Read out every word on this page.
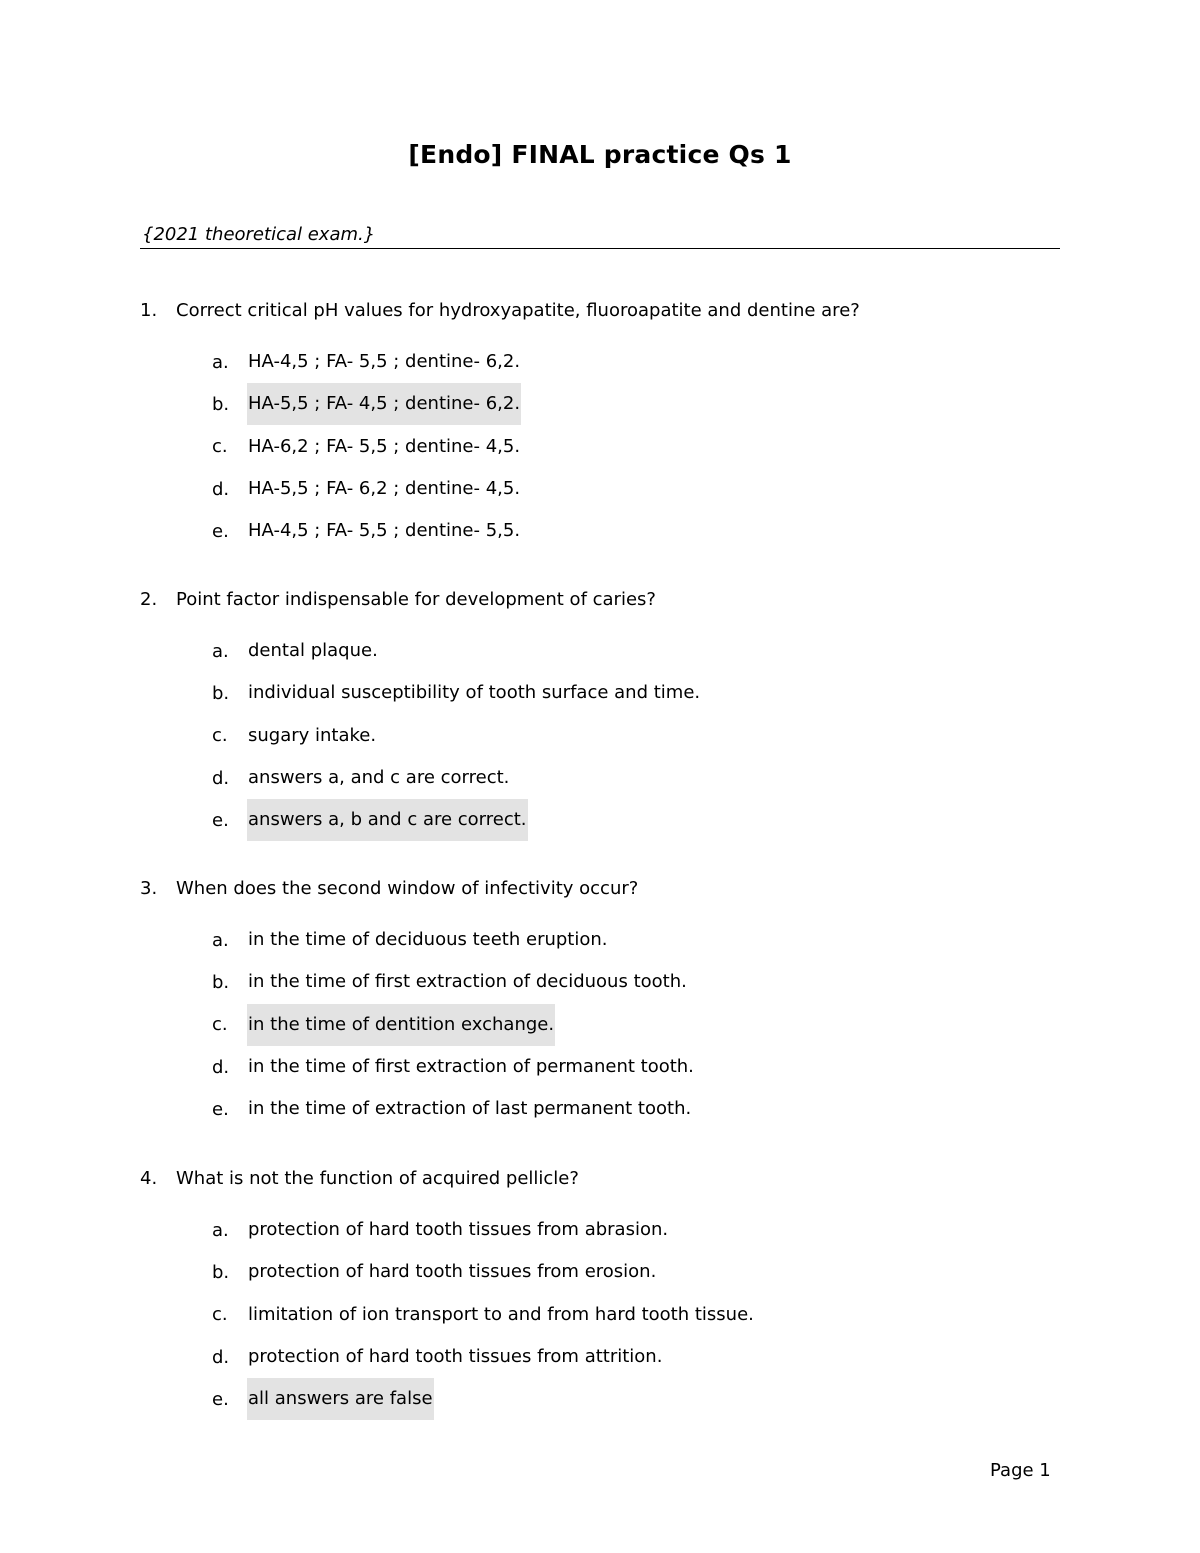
[Endo] FINAL practice Qs 1
{2021 theoretical exam.}
1.	Correct critical pH values for hydroxyapatite, fluoroapatite and dentine are?
a.	HA-4,5 ; FA- 5,5 ; dentine- 6,2.
b.	HA-5,5 ; FA- 4,5 ; dentine- 6,2.
c.	HA-6,2 ; FA- 5,5 ; dentine- 4,5.
d.	HA-5,5 ; FA- 6,2 ; dentine- 4,5.
e.	HA-4,5 ; FA- 5,5 ; dentine- 5,5.
2.	Point factor indispensable for development of caries?
a.	dental plaque.
b.	individual susceptibility of tooth surface and time.
c.	sugary intake.
d.	answers a, and c are correct.
e.	answers a, b and c are correct.
3.	When does the second window of infectivity occur?
a.	in the time of deciduous teeth eruption.
b.	in the time of first extraction of deciduous tooth.
c.	in the time of dentition exchange.
d.	in the time of first extraction of permanent tooth.
e.	in the time of extraction of last permanent tooth.
4.	What is not the function of acquired pellicle?
a.	protection of hard tooth tissues from abrasion.
b.	protection of hard tooth tissues from erosion.
c.	limitation of ion transport to and from hard tooth tissue.
d.	protection of hard tooth tissues from attrition.
e.	all answers are false
Page 1
